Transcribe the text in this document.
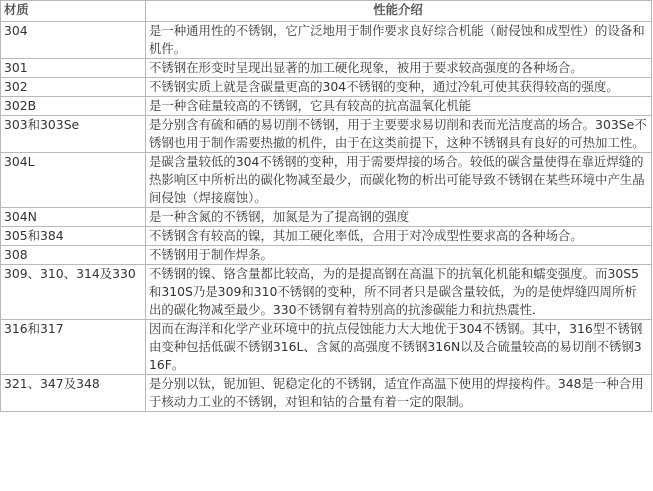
材质	性能介绍
304	是一种通用性的不锈钢，它广泛地用于制作要求良好综合机能（耐侵蚀和成型性）的设备和机件。
301	不锈钢在形变时呈现出显著的加工硬化现象，被用于要求较高强度的各种场合。
302	不锈钢实质上就是含碳量更高的304不锈钢的变种，通过冷轧可使其获得较高的强度。
302B	是一种含硅量较高的不锈钢，它具有较高的抗高温氧化机能
303和303Se	是分别含有硫和硒的易切削不锈钢，用于主要要求易切削和表而光洁度高的场合。303Se不锈钢也用于制作需要热撤的机件，由于在这类前提下，这种不锈钢具有良好的可热加工性。
304L	是碳含量较低的304不锈钢的变种，用于需要焊接的场合。较低的碳含量使得在靠近焊缝的热影响区中所析出的碳化物减至最少，而碳化物的析出可能导致不锈钢在某些环境中产生晶间侵蚀（焊接腐蚀）。
304N	是一种含氮的不锈钢，加氮是为了提高钢的强度
305和384	不锈钢含有较高的镍，其加工硬化率低，合用于对冷成型性要求高的各种场合。
308	不锈钢用于制作焊条。
309、310、314及330	不锈钢的镍、铬含量都比较高，为的是提高钢在高温下的抗氧化机能和蠕变强度。而30S5和310S乃是309和310不锈钢的变种，所不同者只是碳含量较低，为的是使焊缝四周所析出的碳化物减至最少。330不锈钢有着特别高的抗渗碳能力和抗热震性．
316和317	因而在海洋和化学产业环境中的抗点侵蚀能力大大地优于304不锈钢。其中，316型不锈钢由变种包括低碳不锈钢316L、含氮的高强度不锈钢316N以及合硫量较高的易切削不锈钢316F。
321、347及348	是分别以钛，铌加钽、铌稳定化的不锈钢，适宜作高温下使用的焊接构件。348是一种合用于核动力工业的不锈钢，对钽和钴的合量有着一定的限制。
